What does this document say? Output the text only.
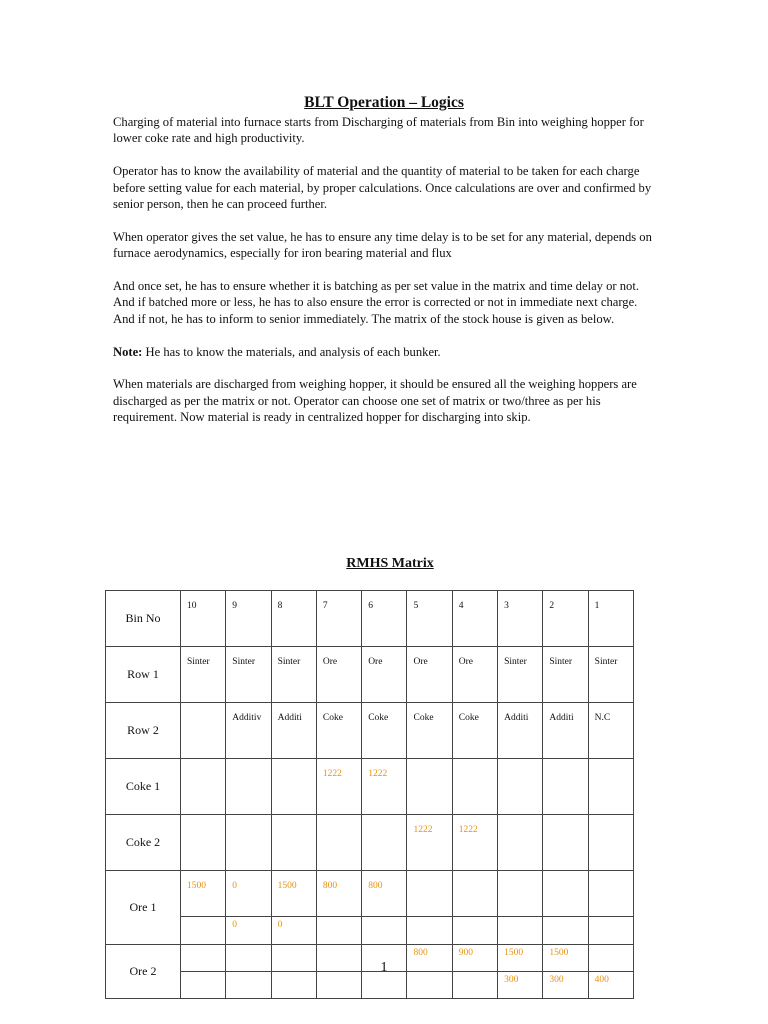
BLT Operation – Logics

Charging of material into furnace starts from Discharging of materials from Bin into weighing hopper for lower coke rate and high productivity.

Operator has to know the availability of material and the quantity of material to be taken for each charge before setting value for each material, by proper calculations. Once calculations are over and confirmed by senior person, then he can proceed further.

When operator gives the set value, he has to ensure any time delay is to be set for any material, depends on furnace aerodynamics, especially for iron bearing material and flux

And once set, he has to ensure whether it is batching as per set value in the matrix and time delay or not.

And if batched more or less, he has to also ensure the error is corrected or not in immediate next charge. And if not, he has to inform to senior immediately. The matrix of the stock house is given as below.

Note: He has to know the materials, and analysis of each bunker.

When materials are discharged from weighing hopper, it should be ensured all the weighing hoppers are discharged as per the matrix or not. Operator can choose one set of matrix or two/three as per his requirement. Now material is ready in centralized hopper for discharging into skip.

RMHS Matrix
Bin No	10	9	8	7	6	5	4	3	2	1
Row 1	Sinter	Sinter	Sinter	Ore	Ore	Ore	Ore	Sinter	Sinter	Sinter
Row 2		Additiv	Additi	Coke	Coke	Coke	Coke	Additi	Additi	N.C
Coke 1				1222	1222					
Coke 2						1222	1222			
Ore 1	1500	0	1500	800	800					
		0	0							
Ore 2						800	900	1500	1500	
								300	300	400
1
